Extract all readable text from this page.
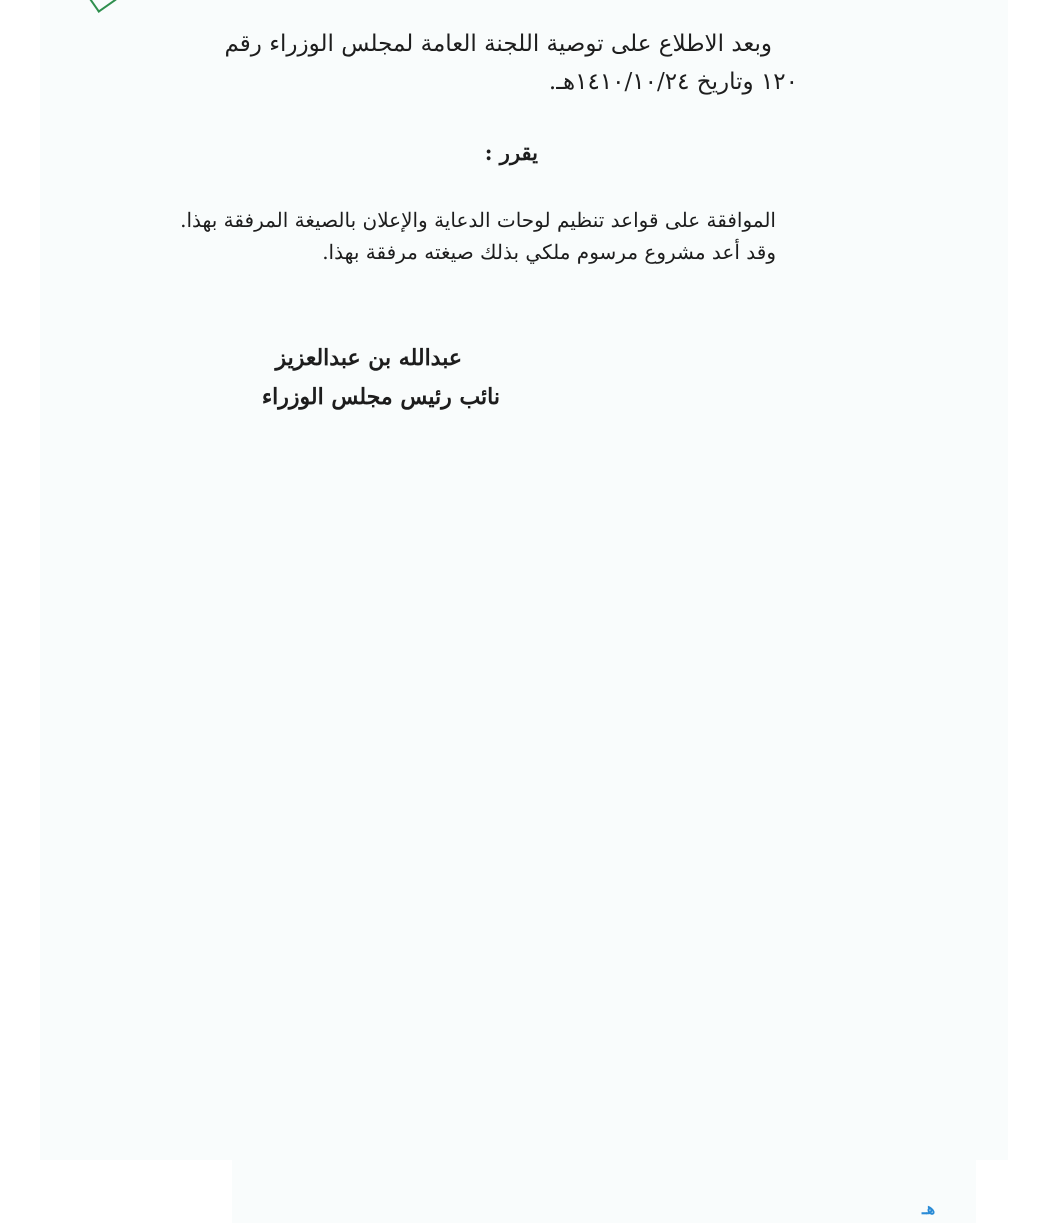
وبعد الاطلاع على توصية اللجنة العامة لمجلس الوزراء رقم

١٢٠ وتاريخ ١٤١٠/١٠/٢٤هـ.

يقرر :

الموافقة على قواعد تنظيم لوحات الدعاية والإعلان بالصيغة المرفقة بهذا.

وقد أعد مشروع مرسوم ملكي بذلك صيغته مرفقة بهذا.

عبدالله بن عبدالعزيز

نائب رئيس مجلس الوزراء

هـ
